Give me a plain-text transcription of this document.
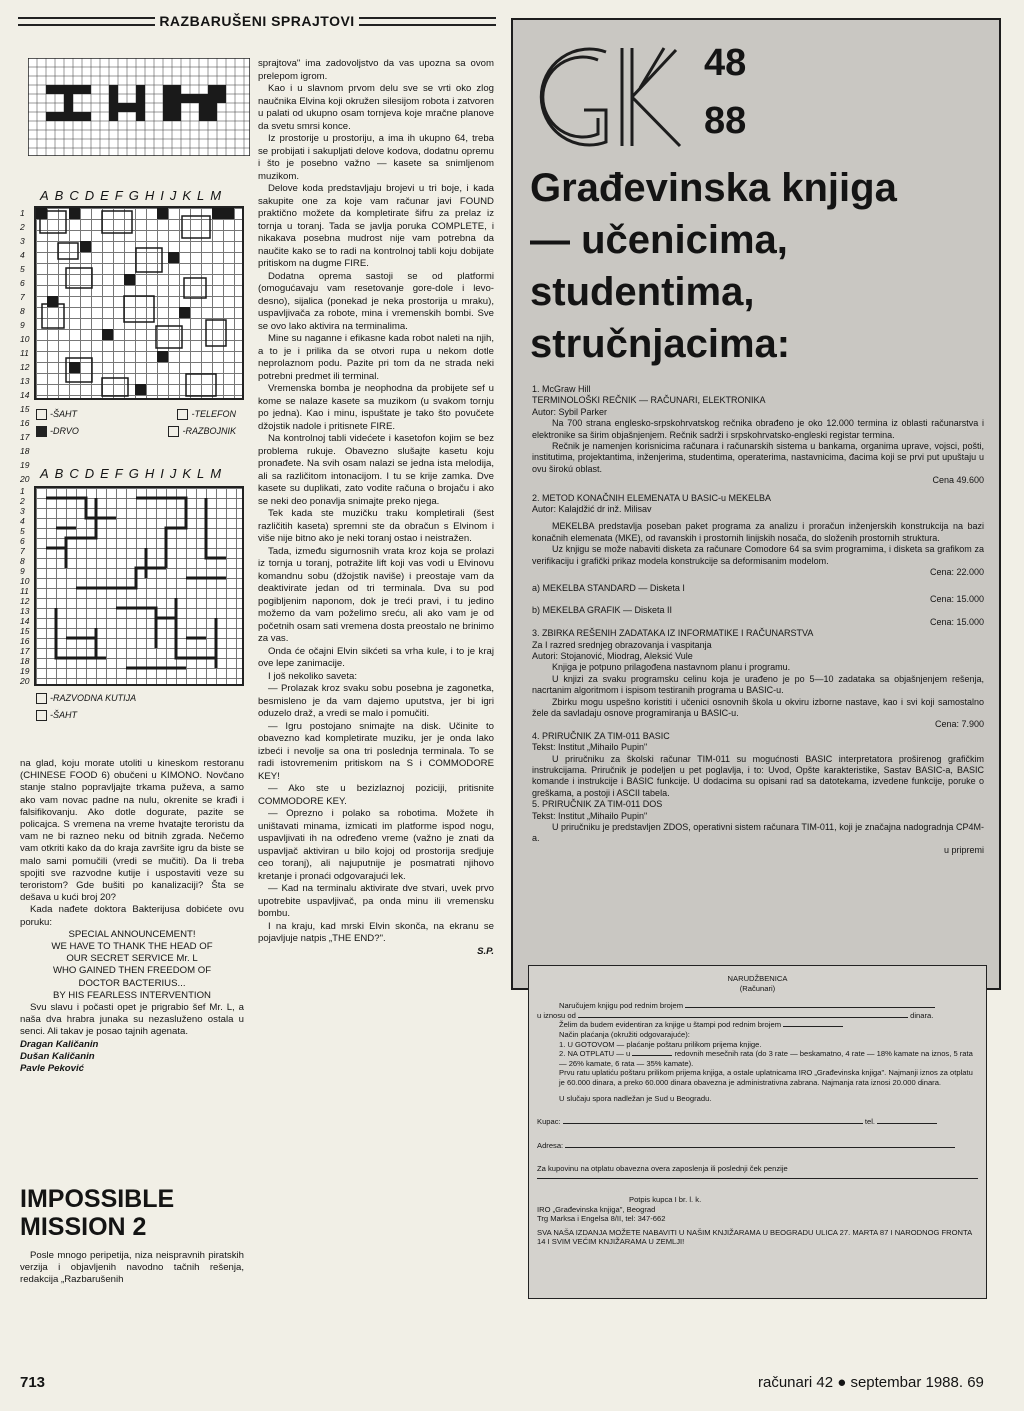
RAZBARUŠENI SPRAJTOVI
ABCDEFGHIJKLM
1
2
3
4
5
6
7
8
9
10
11
12
13
14
15
16
17
18
19
20
-ŠAHT	-TELEFON
-DRVO	-RAZBOJNIK
ABCDEFGHIJKLM
1
2
3
4
5
6
7
8
9
10
11
12
13
14
15
16
17
18
19
20
-RAZVODNA KUTIJA
-ŠAHT

na glad, koju morate utoliti u kineskom restoranu (CHINESE FOOD 6) obučeni u KIMONO. Novčano stanje stalno popravljajte trkama puževa, a samo ako vam novac padne na nulu, okrenite se krađi i falsifikovanju. Ako dotle dogurate, pazite se policajca. S vremena na vreme hvatajte teroristu da vam ne bi razneo neku od bitnih zgrada. Nečemo vam otkriti kako da do kraja završite igru da biste se malo sami pomučili (vredi se mučiti). Da li treba spojiti sve razvodne kutije i uspostaviti veze su teroristom? Gde bušiti po kanalizaciji? Šta se dešava u kući broj 20?

Kada nađete doktora Bakterijusa dobićete ovu poruku:

SPECIAL ANNOUNCEMENT!

WE HAVE TO THANK THE HEAD OF

OUR SECRET SERVICE Mr. L

WHO GAINED THEN FREEDOM OF

DOCTOR BACTERIUS...

BY HIS FEARLESS INTERVENTION

Svu slavu i počasti opet je prigrabio šef Mr. L, a naša dva hrabra junaka su nezasluženo ostala u senci. Ali takav je posao tajnih agenata.

Dragan Kaličanin

Dušan Kaličanin

Pavle Peković

IMPOSSIBLE MISSION 2

Posle mnogo peripetija, niza neispravnih piratskih verzija i objavljenih navodno tačnih rešenja, redakcija „Razbarušenih

sprajtova" ima zadovoljstvo da vas upozna sa ovom prelepom igrom.

Kao i u slavnom prvom delu sve se vrti oko zlog naučnika Elvina koji okružen silesijom robota i zatvoren u palati od ukupno osam tornjeva koje mračne planove da svetu smrsi konce.

Iz prostorije u prostoriju, a ima ih ukupno 64, treba se probijati i sakupljati delove kodova, dodatnu opremu i što je posebno važno — kasete sa snimljenom muzikom.

Delove koda predstavljaju brojevi u tri boje, i kada sakupite one za koje vam računar javi FOUND praktično možete da kompletirate šifru za prelaz iz tornja u toranj. Tada se javlja poruka COMPLETE, i nikakava posebna mudrost nije vam potrebna da naučite kako se to radi na kontrolnoj tabli koju dobijate pritiskom na dugme FIRE.

Dodatna oprema sastoji se od platformi (omogućavaju vam resetovanje gore-dole i levo-desno), sijalica (ponekad je neka prostorija u mraku), uspavljivača za robote, mina i vremenskih bombi. Sve se ovo lako aktivira na terminalima.

Mine su naganne i efikasne kada robot naleti na njih, a to je i prilika da se otvori rupa u nekom dotle neprolaznom podu. Pazite pri tom da ne strada neki potrebni predmet ili terminal.

Vremenska bomba je neophodna da probijete sef u kome se nalaze kasete sa muzikom (u svakom tornju po jedna). Kao i minu, ispuštate je tako što povučete džojstik nadole i pritisnete FIRE.

Na kontrolnoj tabli videćete i kasetofon kojim se bez problema rukuje. Obavezno slušajte kasetu koju pronađete. Na svih osam nalazi se jedna ista melodija, ali sa različitom intonacijom. I tu se krije zamka. Dve kasete su duplikati, zato vodite računa o brojaču i ako se neki deo ponavlja snimajte preko njega.

Tek kada ste muzičku traku kompletirali (šest različitih kaseta) spremni ste da obračun s Elvinom i više nije bitno ako je neki toranj ostao i neistražen.

Tada, između sigurnosnih vrata kroz koja se prolazi iz tornja u toranj, potražite lift koji vas vodi u Elvinovu komandnu sobu (džojstik naviše) i preostaje vam da deaktivirate jedan od tri terminala. Dva su pod pogibljenim naponom, dok je treći pravi, i tu jedino možemo da vam poželimo sreću, ali ako vam je od početnih osam sati vremena dosta preostalo ne brinimo za vas.

Onda će očajni Elvin sikćeti sa vrha kule, i to je kraj ove lepe zanimacije.

I još nekoliko saveta:

— Prolazak kroz svaku sobu posebna je zagonetka, besmisleno je da vam dajemo uputstva, jer bi igri oduzelo draž, a vredi se malo i pomučiti.

— Igru postojano snimajte na disk. Učinite to obavezno kad kompletirate muziku, jer je onda lako izbeći i nevolje sa ona tri poslednja terminala. To se radi istovremenim pritiskom na S i COMMODORE KEY!

— Ako ste u bezizlaznoj poziciji, pritisnite COMMODORE KEY.

— Oprezno i polako sa robotima. Možete ih uništavati minama, izmicati im platforme ispod nogu, uspavljivati ih na određeno vreme (važno je znati da uspavljač aktiviran u bilo kojoj od prostorija sredjuje ceo toranj), ali najuputnije je posmatrati njihovo kretanje i pronaći odgovarajući lek.

— Kad na terminalu aktivirate dve stvari, uvek prvo upotrebite uspavljivač, pa onda minu ili vremensku bombu.

I na kraju, kad mrski Elvin skonča, na ekranu se pojavljuje natpis „THE END?".

S.P.

GK	48
88
Građevinska knjiga
— učenicima,
studentima,
stručnjacima:
1. McGraw Hill
TERMINOLOŠKI REČNIK — RAČUNARI, ELEKTRONIKA
Autor: Sybil Parker

Na 700 strana englesko-srpskohrvatskog rečnika obrađeno je oko 12.000 termina iz oblasti računarstva i elektronike sa širim objašnjenjem. Rečnik sadrži i srpskohrvatsko-engleski registar termina.

Rečnik je namenjen korisnicima računara i računarskih sistema u bankama, organima uprave, vojsci, pošti, institutima, projektantima, inženjerima, studentima, operaterima, nastavnicima, đacima koji se prvi put upuštaju u ovu širokú oblast.

Cena 49.600
2. METOD KONAČNIH ELEMENATA U BASIC-u MEKELBA
Autor: Kalajdžić dr inž. Milisav

MEKELBA predstavlja poseban paket programa za analizu i proračun inženjerskih konstrukcija na bazi konačnih elemenata (MKE), od ravanskih i prostornih linijskih nosača, do složenih prostornih struktura.

Uz knjigu se može nabaviti disketa za računare Comodore 64 sa svim programima, i disketa sa grafikom za verifikaciju i grafički prikaz modela konstrukcije sa deformisanim modelom.

Cena: 22.000
a) MEKELBA STANDARD — Disketa I
Cena: 15.000
b) MEKELBA GRAFIK — Disketa II
Cena: 15.000
3. ZBIRKA REŠENIH ZADATAKA IZ INFORMATIKE I RAČUNARSTVA
Za I razred srednjeg obrazovanja i vaspitanja
Autori: Stojanović, Miodrag, Aleksić Vule

Knjiga je potpuno prilagođena nastavnom planu i programu.

U knjizi za svaku programsku celinu koja je urađeno je po 5—10 zadataka sa objašnjenjem rešenja, nacrtanim algoritmom i ispisom testiranih programa u BASIC-u.

Zbirku mogu uspešno koristiti i učenici osnovnih škola u okviru izborne nastave, kao i svi koji samostalno žele da savladaju osnove programiranja u BASIC-u.

Cena: 7.900
4. PRIRUČNIK ZA TIM-011 BASIC
Tekst: Institut „Mihailo Pupin"

U priručniku za školski računar TIM-011 su mogućnosti BASIC interpretatora proširenog grafičkim instrukcijama. Priručnik je podeljen u pet poglavlja, i to: Uvod, Opšte karakteristike, Sastav BASIC-a, BASIC komande i instrukcije i BASIC funkcije. U dodacima su opisani rad sa datotekama, izvedene funkcije, poruke o greškama, a postoji i ASCII tabela.

5. PRIRUČNIK ZA TIM-011 DOS
Tekst: Institut „Mihailo Pupin"

U priručniku je predstavljen ZDOS, operativni sistem računara TIM-011, koji je značajna nadogradnja CP4M-a.

u pripremi
NARUDŽBENICA
(Računari)

Naručujem knjigu pod rednim brojem

u iznosu od	dinara.

Želim da budem evidentiran za knjige u štampi pod rednim brojem

Način plaćanja (okružiti odgovarajuće):

1. U GOTOVOM — plaćanje poštaru prilikom prijema knjige.

2. NA OTPLATU — u	redovnih mesečnih rata (do 3 rate — beskamatno, 4 rate — 18% kamate na iznos, 5 rata — 26% kamate, 6 rata — 35% kamate).

Prvu ratu uplatiću poštaru prilikom prijema knjiga, a ostale uplatnicama IRO „Građevinska knjiga". Najmanji iznos za otplatu je 60.000 dinara, a preko 60.000 dinara obavezna je administrativna zabrana. Najmanja rata iznosi 20.000 dinara.

U slučaju spora nadležan je Sud u Beogradu.

Kupac:	tel.

Adresa:

Za kupovinu na otplatu obavezna overa zaposlenja ili poslednji ček penzije

Potpis kupca I br. l. k.

IRO „Građevinska knjiga", Beograd

Trg Marksa i Engelsa 8/II, tel: 347-662

SVA NAŠA IZDANJA MOŽETE NABAVITI U NAŠIM KNJIŽARAMA U BEOGRADU ULICA 27. MARTA 87 I NARODNOG FRONTA 14 I SVIM VEĆIM KNJIŽARAMA U ZEMLJI!

713	računari 42 ● septembar 1988. 69
